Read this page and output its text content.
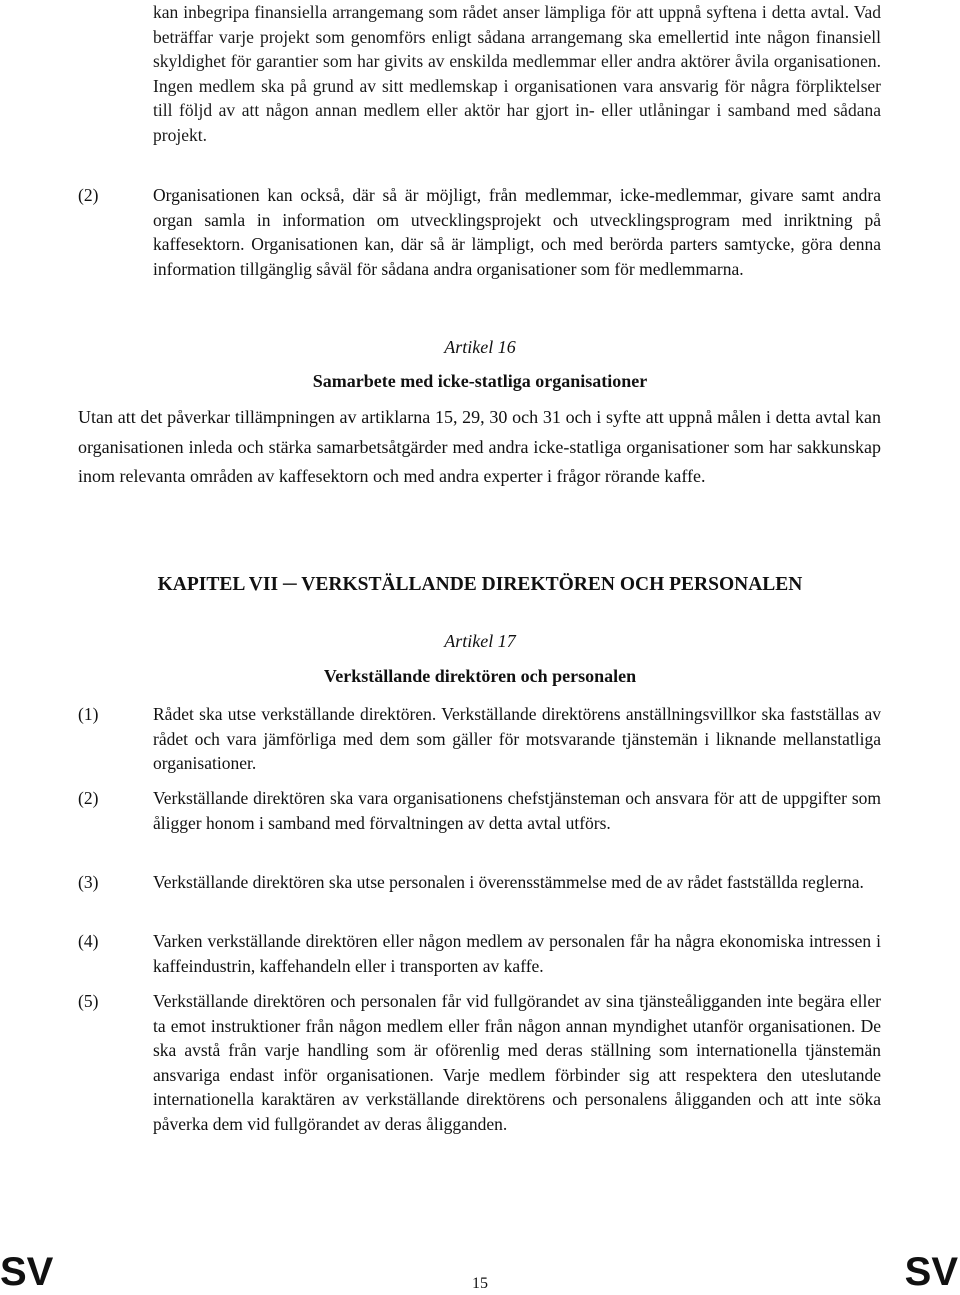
kan inbegripa finansiella arrangemang som rådet anser lämpliga för att uppnå syftena i detta avtal. Vad beträffar varje projekt som genomförs enligt sådana arrangemang ska emellertid inte någon finansiell skyldighet för garantier som har givits av enskilda medlemmar eller andra aktörer åvila organisationen. Ingen medlem ska på grund av sitt medlemskap i organisationen vara ansvarig för några förpliktelser till följd av att någon annan medlem eller aktör har gjort in- eller utlåningar i samband med sådana projekt.
(2)	Organisationen kan också, där så är möjligt, från medlemmar, icke-medlemmar, givare samt andra organ samla in information om utvecklingsprojekt och utvecklingsprogram med inriktning på kaffesektorn. Organisationen kan, där så är lämpligt, och med berörda parters samtycke, göra denna information tillgänglig såväl för sådana andra organisationer som för medlemmarna.
Artikel 16
Samarbete med icke-statliga organisationer
Utan att det påverkar tillämpningen av artiklarna 15, 29, 30 och 31 och i syfte att uppnå målen i detta avtal kan organisationen inleda och stärka samarbetsåtgärder med andra icke-statliga organisationer som har sakkunskap inom relevanta områden av kaffesektorn och med andra experter i frågor rörande kaffe.
KAPITEL VII ─ VERKSTÄLLANDE DIREKTÖREN OCH PERSONALEN
Artikel 17
Verkställande direktören och personalen
(1)	Rådet ska utse verkställande direktören. Verkställande direktörens anställningsvillkor ska fastställas av rådet och vara jämförliga med dem som gäller för motsvarande tjänstemän i liknande mellanstatliga organisationer.
(2)	Verkställande direktören ska vara organisationens chefstjänsteman och ansvara för att de uppgifter som åligger honom i samband med förvaltningen av detta avtal utförs.
(3)	Verkställande direktören ska utse personalen i överensstämmelse med de av rådet fastställda reglerna.
(4)	Varken verkställande direktören eller någon medlem av personalen får ha några ekonomiska intressen i kaffeindustrin, kaffehandeln eller i transporten av kaffe.
(5)	Verkställande direktören och personalen får vid fullgörandet av sina tjänsteåligganden inte begära eller ta emot instruktioner från någon medlem eller från någon annan myndighet utanför organisationen. De ska avstå från varje handling som är oförenlig med deras ställning som internationella tjänstemän ansvariga endast inför organisationen. Varje medlem förbinder sig att respektera den uteslutande internationella karaktären av verkställande direktörens och personalens åligganden och att inte söka påverka dem vid fullgörandet av deras åligganden.
SV	15	SV
